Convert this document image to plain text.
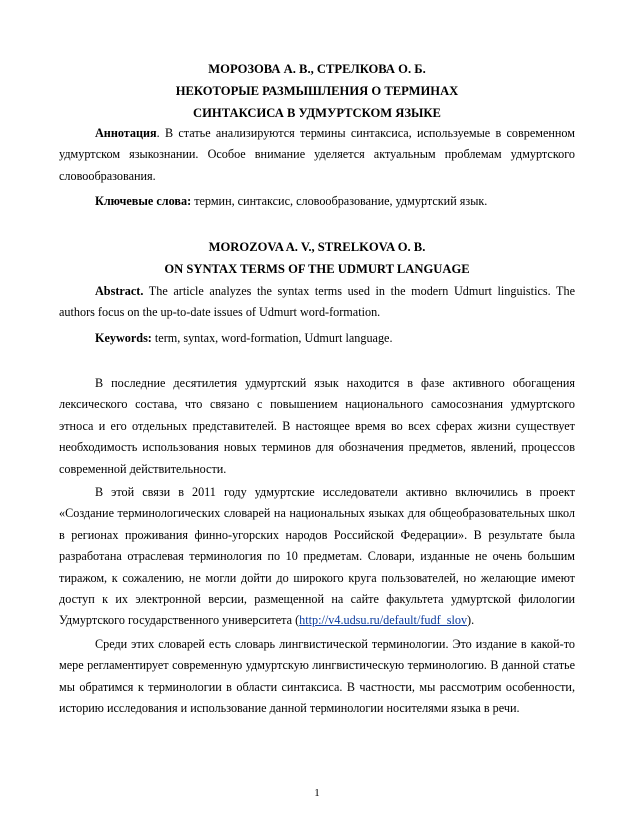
МОРОЗОВА А. В., СТРЕЛКОВА О. Б.
НЕКОТОРЫЕ РАЗМЫШЛЕНИЯ О ТЕРМИНАХ
СИНТАКСИСА В УДМУРТСКОМ ЯЗЫКЕ

Аннотация. В статье анализируются термины синтаксиса, используемые в современном удмуртском языкознании. Особое внимание уделяется актуальным проблемам удмуртского словообразования.

Ключевые слова: термин, синтаксис, словообразование, удмуртский язык.

MOROZOVA A. V., STRELKOVA O. B.
ON SYNTAX TERMS OF THE UDMURT LANGUAGE

Abstract. The article analyzes the syntax terms used in the modern Udmurt linguistics. The authors focus on the up-to-date issues of Udmurt word-formation.

Keywords: term, syntax, word-formation, Udmurt language.

В последние десятилетия удмуртский язык находится в фазе активного обогащения лексического состава, что связано с повышением национального самосознания удмуртского этноса и его отдельных представителей. В настоящее время во всех сферах жизни существует необходимость использования новых терминов для обозначения предметов, явлений, процессов современной действительности.

В этой связи в 2011 году удмуртские исследователи активно включились в проект «Создание терминологических словарей на национальных языках для общеобразовательных школ в регионах проживания финно-угорских народов Российской Федерации». В результате была разработана отраслевая терминология по 10 предметам. Словари, изданные не очень большим тиражом, к сожалению, не могли дойти до широкого круга пользователей, но желающие имеют доступ к их электронной версии, размещенной на сайте факультета удмуртской филологии Удмуртского государственного университета (http://v4.udsu.ru/default/fudf_slov).

Среди этих словарей есть словарь лингвистической терминологии. Это издание в какой-то мере регламентирует современную удмуртскую лингвистическую терминологию. В данной статье мы обратимся к терминологии в области синтаксиса. В частности, мы рассмотрим особенности, историю исследования и использование данной терминологии носителями языка в речи.

1
